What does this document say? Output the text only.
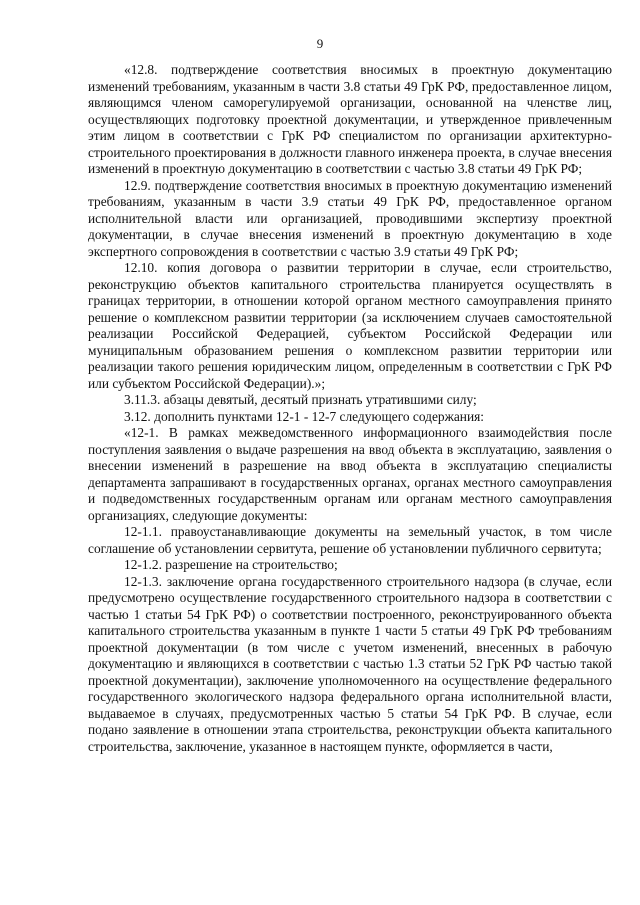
9

«12.8. подтверждение соответствия вносимых в проектную документацию изменений требованиям, указанным в части 3.8 статьи 49 ГрК РФ, предоставленное лицом, являющимся членом саморегулируемой организации, основанной на членстве лиц, осуществляющих подготовку проектной документации, и утвержденное привлеченным этим лицом в соответствии с ГрК РФ специалистом по организации архитектурно-строительного проектирования в должности главного инженера проекта, в случае внесения изменений в проектную документацию в соответствии с частью 3.8 статьи 49 ГрК РФ;

12.9. подтверждение соответствия вносимых в проектную документацию изменений требованиям, указанным в части 3.9 статьи 49 ГрК РФ, предоставленное органом исполнительной власти или организацией, проводившими экспертизу проектной документации, в случае внесения изменений в проектную документацию в ходе экспертного сопровождения в соответствии с частью 3.9 статьи 49 ГрК РФ;

12.10. копия договора о развитии территории в случае, если строительство, реконструкцию объектов капитального строительства планируется осуществлять в границах территории, в отношении которой органом местного самоуправления принято решение о комплексном развитии территории (за исключением случаев самостоятельной реализации Российской Федерацией, субъектом Российской Федерации или муниципальным образованием решения о комплексном развитии территории или реализации такого решения юридическим лицом, определенным в соответствии с ГрК РФ или субъектом Российской Федерации).»;

3.11.3. абзацы девятый, десятый признать утратившими силу;

3.12. дополнить пунктами 12-1 - 12-7 следующего содержания:

«12-1. В рамках межведомственного информационного взаимодействия после поступления заявления о выдаче разрешения на ввод объекта в эксплуатацию, заявления о внесении изменений в разрешение на ввод объекта в эксплуатацию специалисты департамента запрашивают в государственных органах, органах местного самоуправления и подведомственных государственным органам или органам местного самоуправления организациях, следующие документы:

12-1.1. правоустанавливающие документы на земельный участок, в том числе соглашение об установлении сервитута, решение об установлении публичного сервитута;

12-1.2. разрешение на строительство;

12-1.3. заключение органа государственного строительного надзора (в случае, если предусмотрено осуществление государственного строительного надзора в соответствии с частью 1 статьи 54 ГрК РФ) о соответствии построенного, реконструированного объекта капитального строительства указанным в пункте 1 части 5 статьи 49 ГрК РФ требованиям проектной документации (в том числе с учетом изменений, внесенных в рабочую документацию и являющихся в соответствии с частью 1.3 статьи 52 ГрК РФ частью такой проектной документации), заключение уполномоченного на осуществление федерального государственного экологического надзора федерального органа исполнительной власти, выдаваемое в случаях, предусмотренных частью 5 статьи 54 ГрК РФ. В случае, если подано заявление в отношении этапа строительства, реконструкции объекта капитального строительства, заключение, указанное в настоящем пункте, оформляется в части,
